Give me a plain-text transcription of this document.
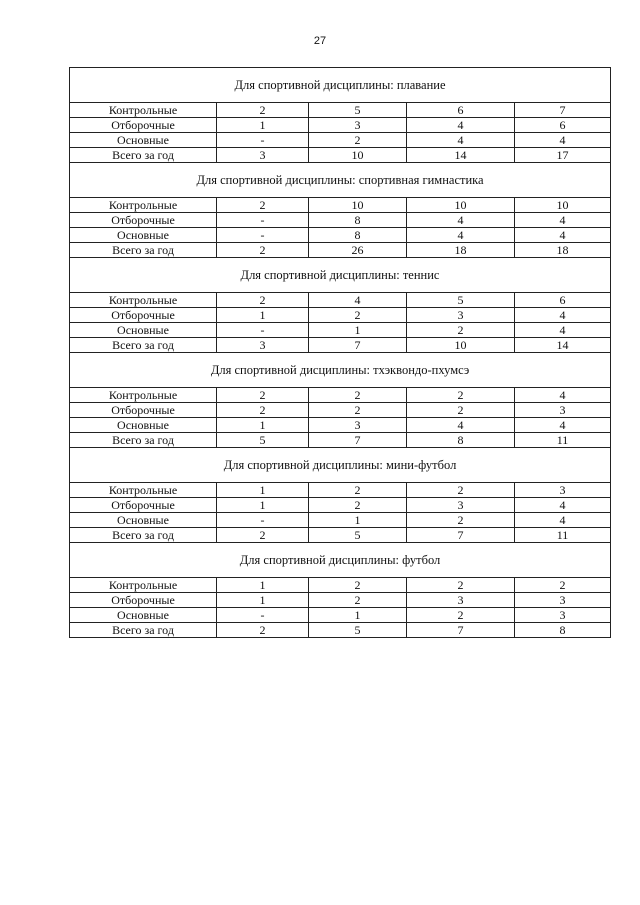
27
Для спортивной дисциплины: плавание				
Контрольные	2	5	6	7
Отборочные	1	3	4	6
Основные	-	2	4	4
Всего за год	3	10	14	17
Для спортивной дисциплины: спортивная гимнастика				
Контрольные	2	10	10	10
Отборочные	-	8	4	4
Основные	-	8	4	4
Всего за год	2	26	18	18
Для спортивной дисциплины: теннис				
Контрольные	2	4	5	6
Отборочные	1	2	3	4
Основные	-	1	2	4
Всего за год	3	7	10	14
Для спортивной дисциплины: тхэквондо-пхумсэ				
Контрольные	2	2	2	4
Отборочные	2	2	2	3
Основные	1	3	4	4
Всего за год	5	7	8	11
Для спортивной дисциплины: мини-футбол				
Контрольные	1	2	2	3
Отборочные	1	2	3	4
Основные	-	1	2	4
Всего за год	2	5	7	11
Для спортивной дисциплины: футбол				
Контрольные	1	2	2	2
Отборочные	1	2	3	3
Основные	-	1	2	3
Всего за год	2	5	7	8
